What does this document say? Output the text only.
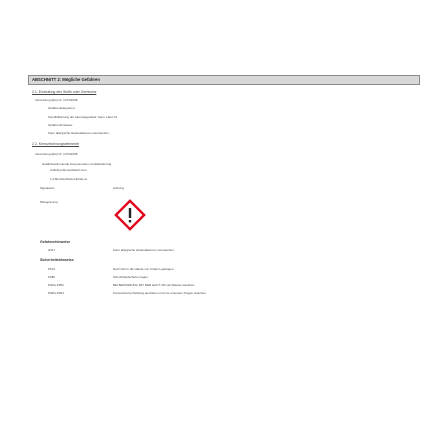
ABSCHNITT 2: Mögliche Gefahren
2.1. Einstufung des Stoffs oder Gemischs
Verordnung (EG) Nr. 1272/2008
Gefahrenkategorien:
Sensibilisierung der Atemwege/Haut: Sens. Haut 1A
Gefahrenhinweise:
Kann allergische Hautreaktionen verursachen.
2.2. Kennzeichnungselemente
Verordnung (EG) Nr. 1272/2008
Gefahrbestimmende Komponenten zur Etikettierung
2-Methyl-2H-isothiazol-3-on
1,2-Benzisothiazol-3(2H)-on
Signalwort:	Achtung
Piktogramme:
Gefahrenhinweise
H317	Kann allergische Hautreaktionen verursachen.
Sicherheitshinweise
P102	Darf nicht in die Hände von Kindern gelangen.
P280	Schutzhandschuhe tragen.
P302+P352	BEI BERÜHRUNG MIT DER HAUT: Mit viel Wasser waschen.
P362+P364	Kontaminierte Kleidung ausziehen und vor erneutem Tragen waschen.
